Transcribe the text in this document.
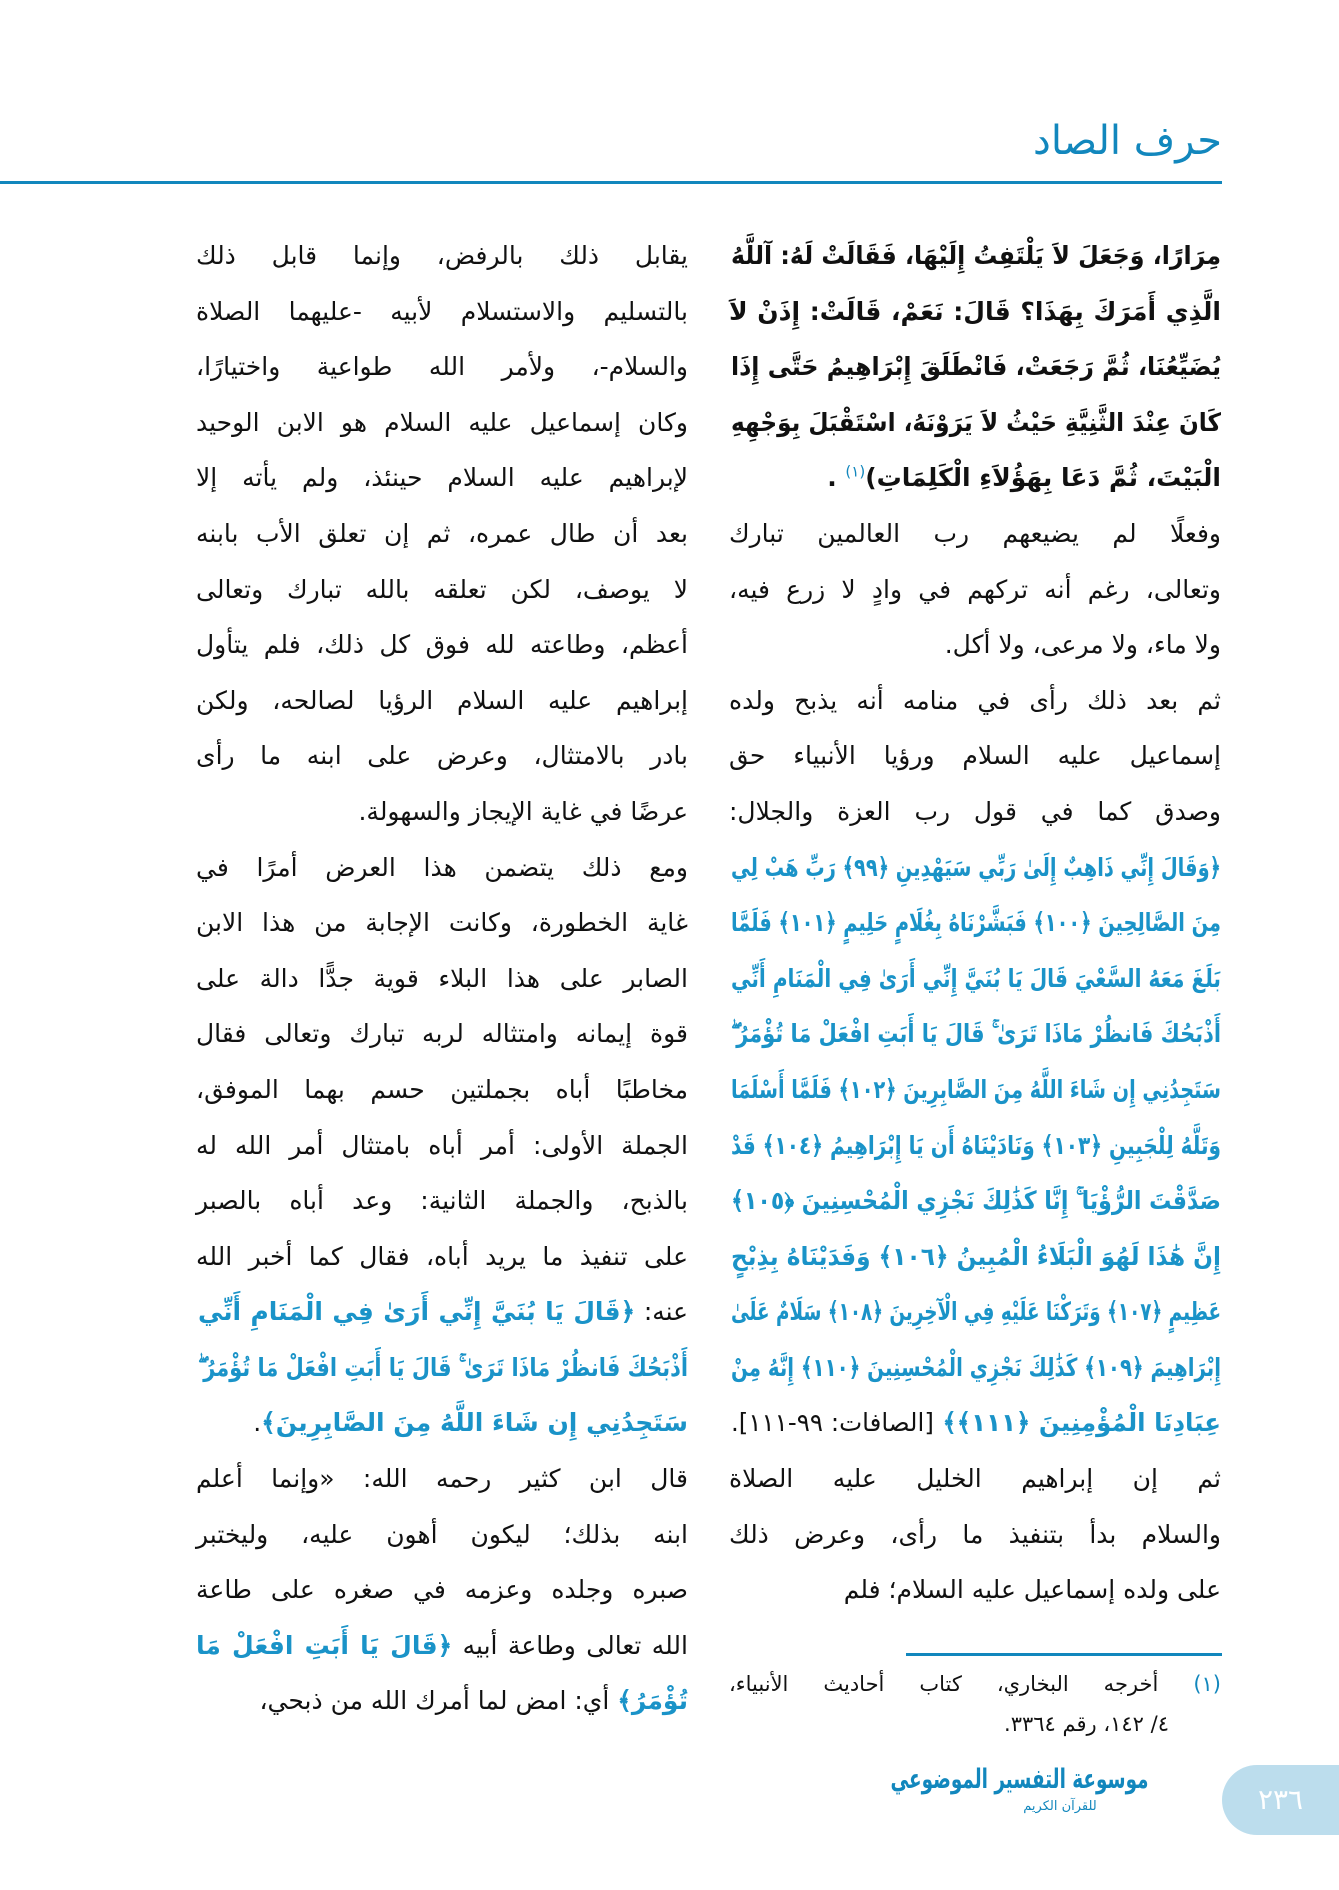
حرف الصاد
مِرَارًا، وَجَعَلَ لاَ يَلْتَفِتُ إِلَيْهَا، فَقَالَتْ لَهُ: آللَّهُ
الَّذِي أَمَرَكَ بِهَذَا؟ قَالَ: نَعَمْ، قَالَتْ: إِذَنْ لاَ
يُضَيِّعُنَا، ثُمَّ رَجَعَتْ، فَانْطَلَقَ إِبْرَاهِيمُ حَتَّى إِذَا
كَانَ عِنْدَ الثَّنِيَّةِ حَيْثُ لاَ يَرَوْنَهُ، اسْتَقْبَلَ بِوَجْهِهِ
الْبَيْتَ، ثُمَّ دَعَا بِهَؤُلاَءِ الْكَلِمَاتِ)$^{(١)}$ .
وفعلًا لم يضيعهم رب العالمين تبارك
وتعالى، رغم أنه تركهم في وادٍ لا زرع فيه،
ولا ماء، ولا مرعى، ولا أكل.
ثم بعد ذلك رأى في منامه أنه يذبح ولده
إسماعيل عليه السلام ورؤيا الأنبياء حق
وصدق كما في قول رب العزة والجلال:
﴿وَقَالَ إِنِّي ذَاهِبٌ إِلَىٰ رَبِّي سَيَهْدِينِ ﴿٩٩﴾ رَبِّ هَبْ لِي
مِنَ الصَّالِحِينَ ﴿١٠٠﴾ فَبَشَّرْنَاهُ بِغُلَامٍ حَلِيمٍ ﴿١٠١﴾ فَلَمَّا
بَلَغَ مَعَهُ السَّعْيَ قَالَ يَا بُنَيَّ إِنِّي أَرَىٰ فِي الْمَنَامِ أَنِّي
أَذْبَحُكَ فَانظُرْ مَاذَا تَرَىٰ ۚ قَالَ يَا أَبَتِ افْعَلْ مَا تُؤْمَرُ ۖ
سَتَجِدُنِي إِن شَاءَ اللَّهُ مِنَ الصَّابِرِينَ ﴿١٠٢﴾ فَلَمَّا أَسْلَمَا
وَتَلَّهُ لِلْجَبِينِ ﴿١٠٣﴾ وَنَادَيْنَاهُ أَن يَا إِبْرَاهِيمُ ﴿١٠٤﴾ قَدْ
صَدَّقْتَ الرُّؤْيَا ۚ إِنَّا كَذَٰلِكَ نَجْزِي الْمُحْسِنِينَ ﴿١٠٥﴾
إِنَّ هَٰذَا لَهُوَ الْبَلَاءُ الْمُبِينُ ﴿١٠٦﴾ وَفَدَيْنَاهُ بِذِبْحٍ
عَظِيمٍ ﴿١٠٧﴾ وَتَرَكْنَا عَلَيْهِ فِي الْآخِرِينَ ﴿١٠٨﴾ سَلَامٌ عَلَىٰ
إِبْرَاهِيمَ ﴿١٠٩﴾ كَذَٰلِكَ نَجْزِي الْمُحْسِنِينَ ﴿١١٠﴾ إِنَّهُ مِنْ
عِبَادِنَا الْمُؤْمِنِينَ ﴿١١١﴾﴾ [الصافات: ٩٩-١١١].
ثم إن إبراهيم الخليل عليه الصلاة
والسلام بدأ بتنفيذ ما رأى، وعرض ذلك
على ولده إسماعيل عليه السلام؛ فلم
يقابل ذلك بالرفض، وإنما قابل ذلك
بالتسليم والاستسلام لأبيه -عليهما الصلاة
والسلام-، ولأمر الله طواعية واختيارًا،
وكان إسماعيل عليه السلام هو الابن الوحيد
لإبراهيم عليه السلام حينئذ، ولم يأته إلا
بعد أن طال عمره، ثم إن تعلق الأب بابنه
لا يوصف، لكن تعلقه بالله تبارك وتعالى
أعظم، وطاعته لله فوق كل ذلك، فلم يتأول
إبراهيم عليه السلام الرؤيا لصالحه، ولكن
بادر بالامتثال، وعرض على ابنه ما رأى
عرضًا في غاية الإيجاز والسهولة.
ومع ذلك يتضمن هذا العرض أمرًا في
غاية الخطورة، وكانت الإجابة من هذا الابن
الصابر على هذا البلاء قوية جدًّا دالة على
قوة إيمانه وامتثاله لربه تبارك وتعالى فقال
مخاطبًا أباه بجملتين حسم بهما الموفق،
الجملة الأولى: أمر أباه بامتثال أمر الله له
بالذبح، والجملة الثانية: وعد أباه بالصبر
على تنفيذ ما يريد أباه، فقال كما أخبر الله
عنه: ﴿قَالَ يَا بُنَيَّ إِنِّي أَرَىٰ فِي الْمَنَامِ أَنِّي
أَذْبَحُكَ فَانظُرْ مَاذَا تَرَىٰ ۚ قَالَ يَا أَبَتِ افْعَلْ مَا تُؤْمَرُ ۖ
سَتَجِدُنِي إِن شَاءَ اللَّهُ مِنَ الصَّابِرِينَ﴾.
قال ابن كثير رحمه الله: «وإنما أعلم
ابنه بذلك؛ ليكون أهون عليه، وليختبر
صبره وجلده وعزمه في صغره على طاعة
الله تعالى وطاعة أبيه ﴿قَالَ يَا أَبَتِ افْعَلْ مَا
تُؤْمَرُ﴾ أي: امض لما أمرك الله من ذبحي،
(١) أخرجه البخاري، كتاب أحاديث الأنبياء،
٤/ ١٤٢، رقم ٣٣٦٤.
موسوعة التفسير الموضوعي
للقرآن الكريم	٢٣٦
